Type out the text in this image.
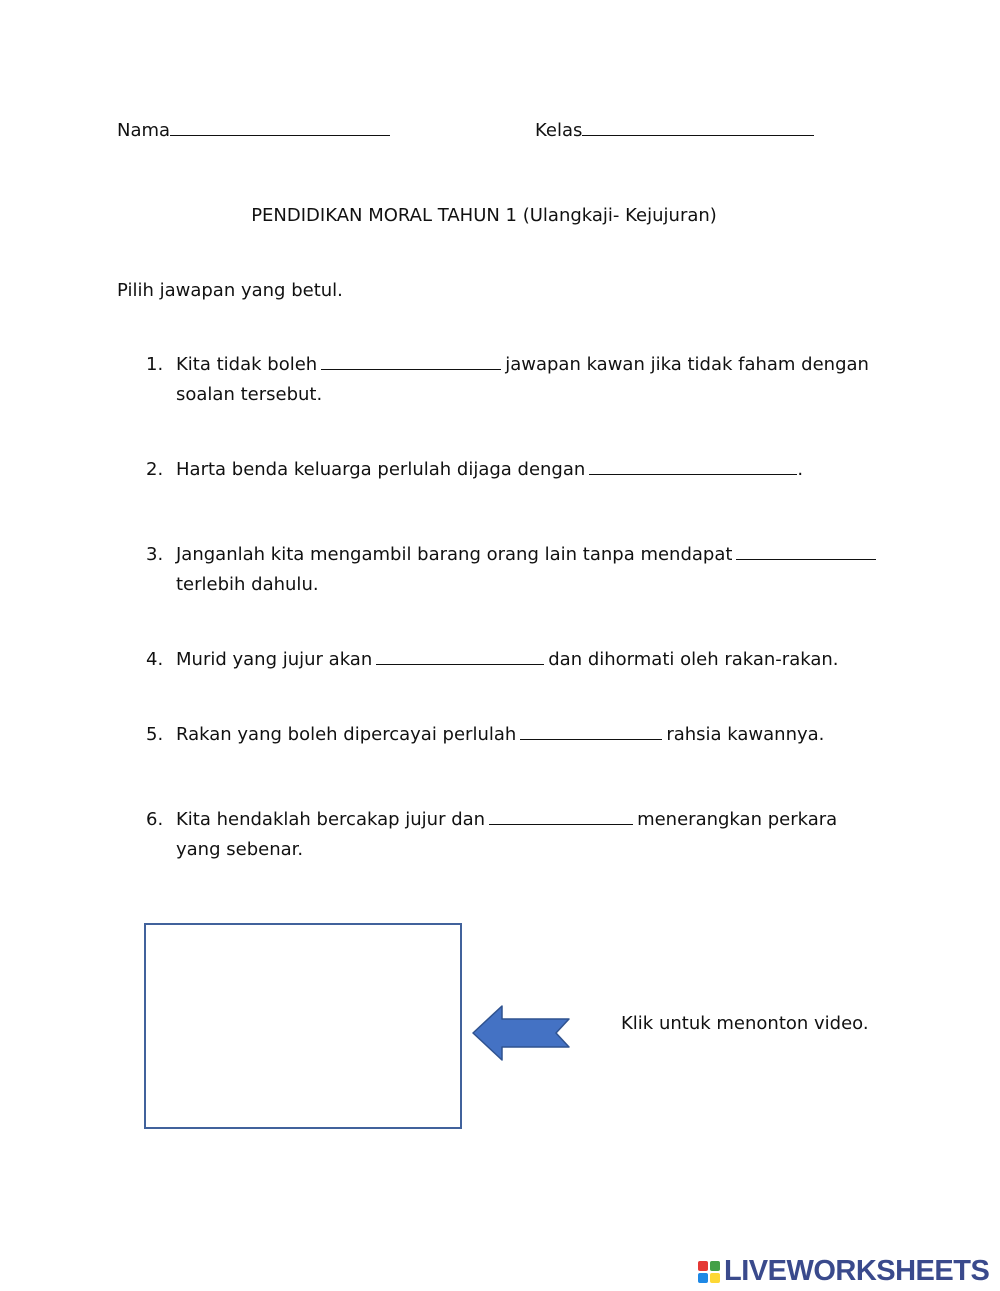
Nama	Kelas
PENDIDIKAN MORAL TAHUN 1 (Ulangkaji- Kejujuran)
Pilih jawapan yang betul.
1. Kita tidak boleh	jawapan kawan jika tidak faham dengan soalan tersebut.
2. Harta benda keluarga perlulah dijaga dengan	.
3. Janganlah kita mengambil barang orang lain tanpa mendapatterlebih dahulu.
4. Murid yang jujur akan	dan dihormati oleh rakan-rakan.
5. Rakan yang boleh dipercayai perlulah	rahsia kawannya.
6. Kita hendaklah bercakap jujur dan	menerangkan perkara yang sebenar.
Klik untuk menonton video.
LIVEWORKSHEETS
